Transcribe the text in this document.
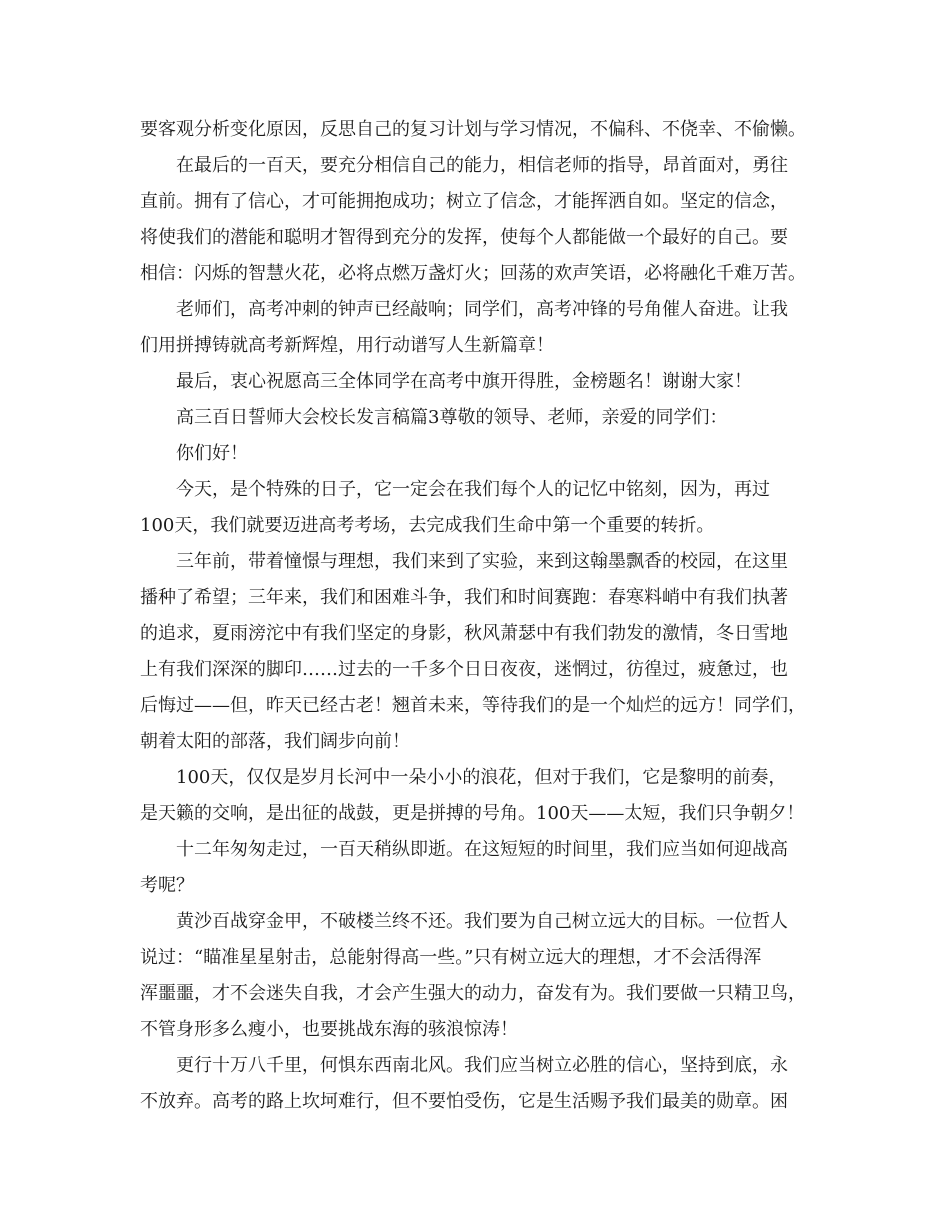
要客观分析变化原因，反思自己的复习计划与学习情况，不偏科、不侥幸、不偷懒。
在最后的一百天，要充分相信自己的能力，相信老师的指导，昂首面对，勇往
直前。拥有了信心，才可能拥抱成功；树立了信念，才能挥洒自如。坚定的信念，
将使我们的潜能和聪明才智得到充分的发挥，使每个人都能做一个最好的自己。要
相信：闪烁的智慧火花，必将点燃万盏灯火；回荡的欢声笑语，必将融化千难万苦。
老师们，高考冲刺的钟声已经敲响；同学们，高考冲锋的号角催人奋进。让我
们用拼搏铸就高考新辉煌，用行动谱写人生新篇章！
最后，衷心祝愿高三全体同学在高考中旗开得胜，金榜题名！谢谢大家！
高三百日誓师大会校长发言稿篇3尊敬的领导、老师，亲爱的同学们：
你们好！
今天，是个特殊的日子，它一定会在我们每个人的记忆中铭刻，因为，再过
100天，我们就要迈进高考考场，去完成我们生命中第一个重要的转折。
三年前，带着憧憬与理想，我们来到了实验，来到这翰墨飘香的校园，在这里
播种了希望；三年来，我们和困难斗争，我们和时间赛跑：春寒料峭中有我们执著
的追求，夏雨滂沱中有我们坚定的身影，秋风萧瑟中有我们勃发的激情，冬日雪地
上有我们深深的脚印……过去的一千多个日日夜夜，迷惘过，彷徨过，疲惫过，也
后悔过——但，昨天已经古老！翘首未来，等待我们的是一个灿烂的远方！同学们，
朝着太阳的部落，我们阔步向前！
100天，仅仅是岁月长河中一朵小小的浪花，但对于我们，它是黎明的前奏，
是天籁的交响，是出征的战鼓，更是拼搏的号角。100天——太短，我们只争朝夕！
十二年匆匆走过，一百天稍纵即逝。在这短短的时间里，我们应当如何迎战高
考呢？
黄沙百战穿金甲，不破楼兰终不还。我们要为自己树立远大的目标。一位哲人
说过：“瞄准星星射击，总能射得高一些。”只有树立远大的理想，才不会活得浑
浑噩噩，才不会迷失自我，才会产生强大的动力，奋发有为。我们要做一只精卫鸟，
不管身形多么瘦小，也要挑战东海的骇浪惊涛！
更行十万八千里，何惧东西南北风。我们应当树立必胜的信心，坚持到底，永
不放弃。高考的路上坎坷难行，但不要怕受伤，它是生活赐予我们最美的勋章。困
